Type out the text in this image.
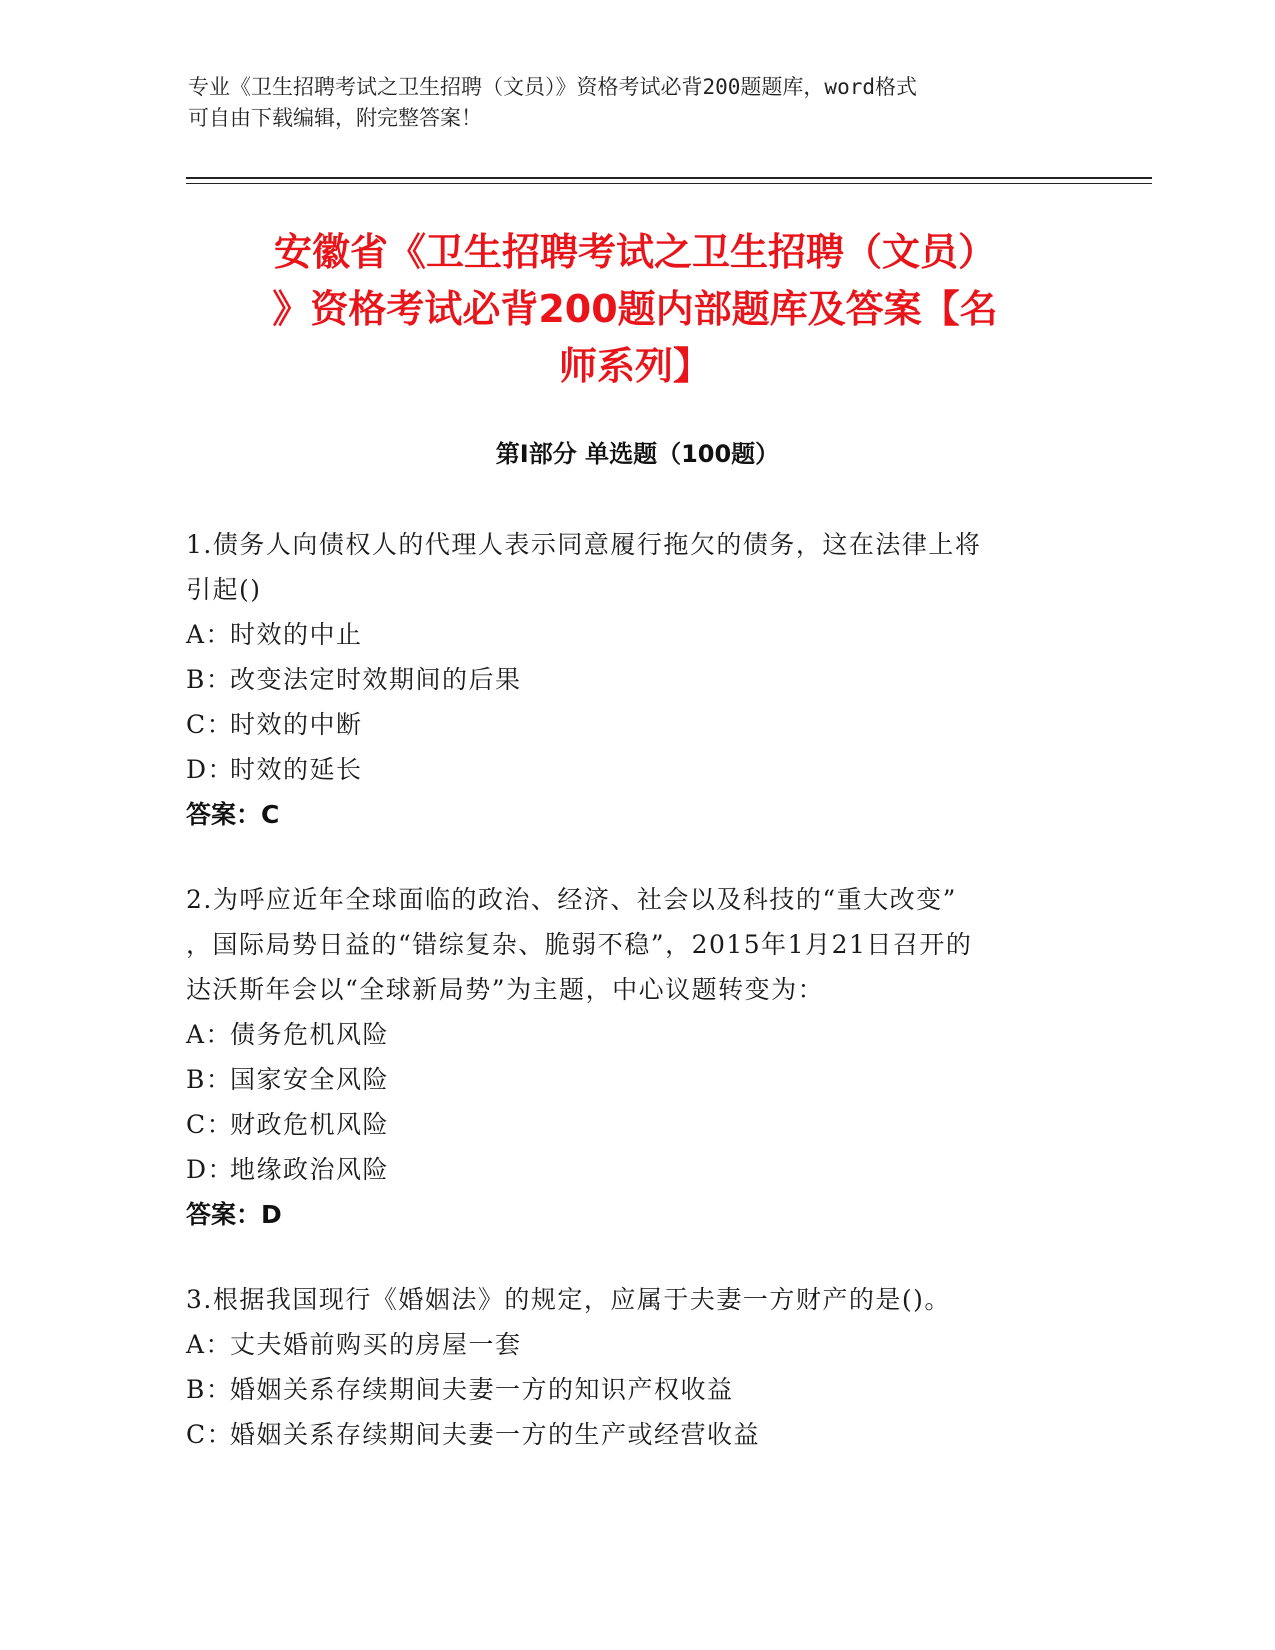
专业《卫生招聘考试之卫生招聘（文员）》资格考试必背200题题库，word格式
可自由下载编辑，附完整答案！
安徽省《卫生招聘考试之卫生招聘（文员）
》资格考试必背200题内部题库及答案【名
师系列】
第Ⅰ部分 单选题（100题）
1.债务人向债权人的代理人表示同意履行拖欠的债务，这在法律上将
引起()
A：
时效的中止
B：
改变法定时效期间的后果
C：
时效的中断
D：
时效的延长
答案：C
2.为呼应近年全球面临的政治、经济、社会以及科技的“重大改变”
，国际局势日益的“错综复杂、脆弱不稳”，2015年1月21日召开的
达沃斯年会以“全球新局势”为主题，中心议题转变为：
A：
债务危机风险
B：
国家安全风险
C：
财政危机风险
D：
地缘政治风险
答案：D
3.根据我国现行《婚姻法》的规定，应属于夫妻一方财产的是()。
A：
丈夫婚前购买的房屋一套
B：
婚姻关系存续期间夫妻一方的知识产权收益
C：
婚姻关系存续期间夫妻一方的生产或经营收益
